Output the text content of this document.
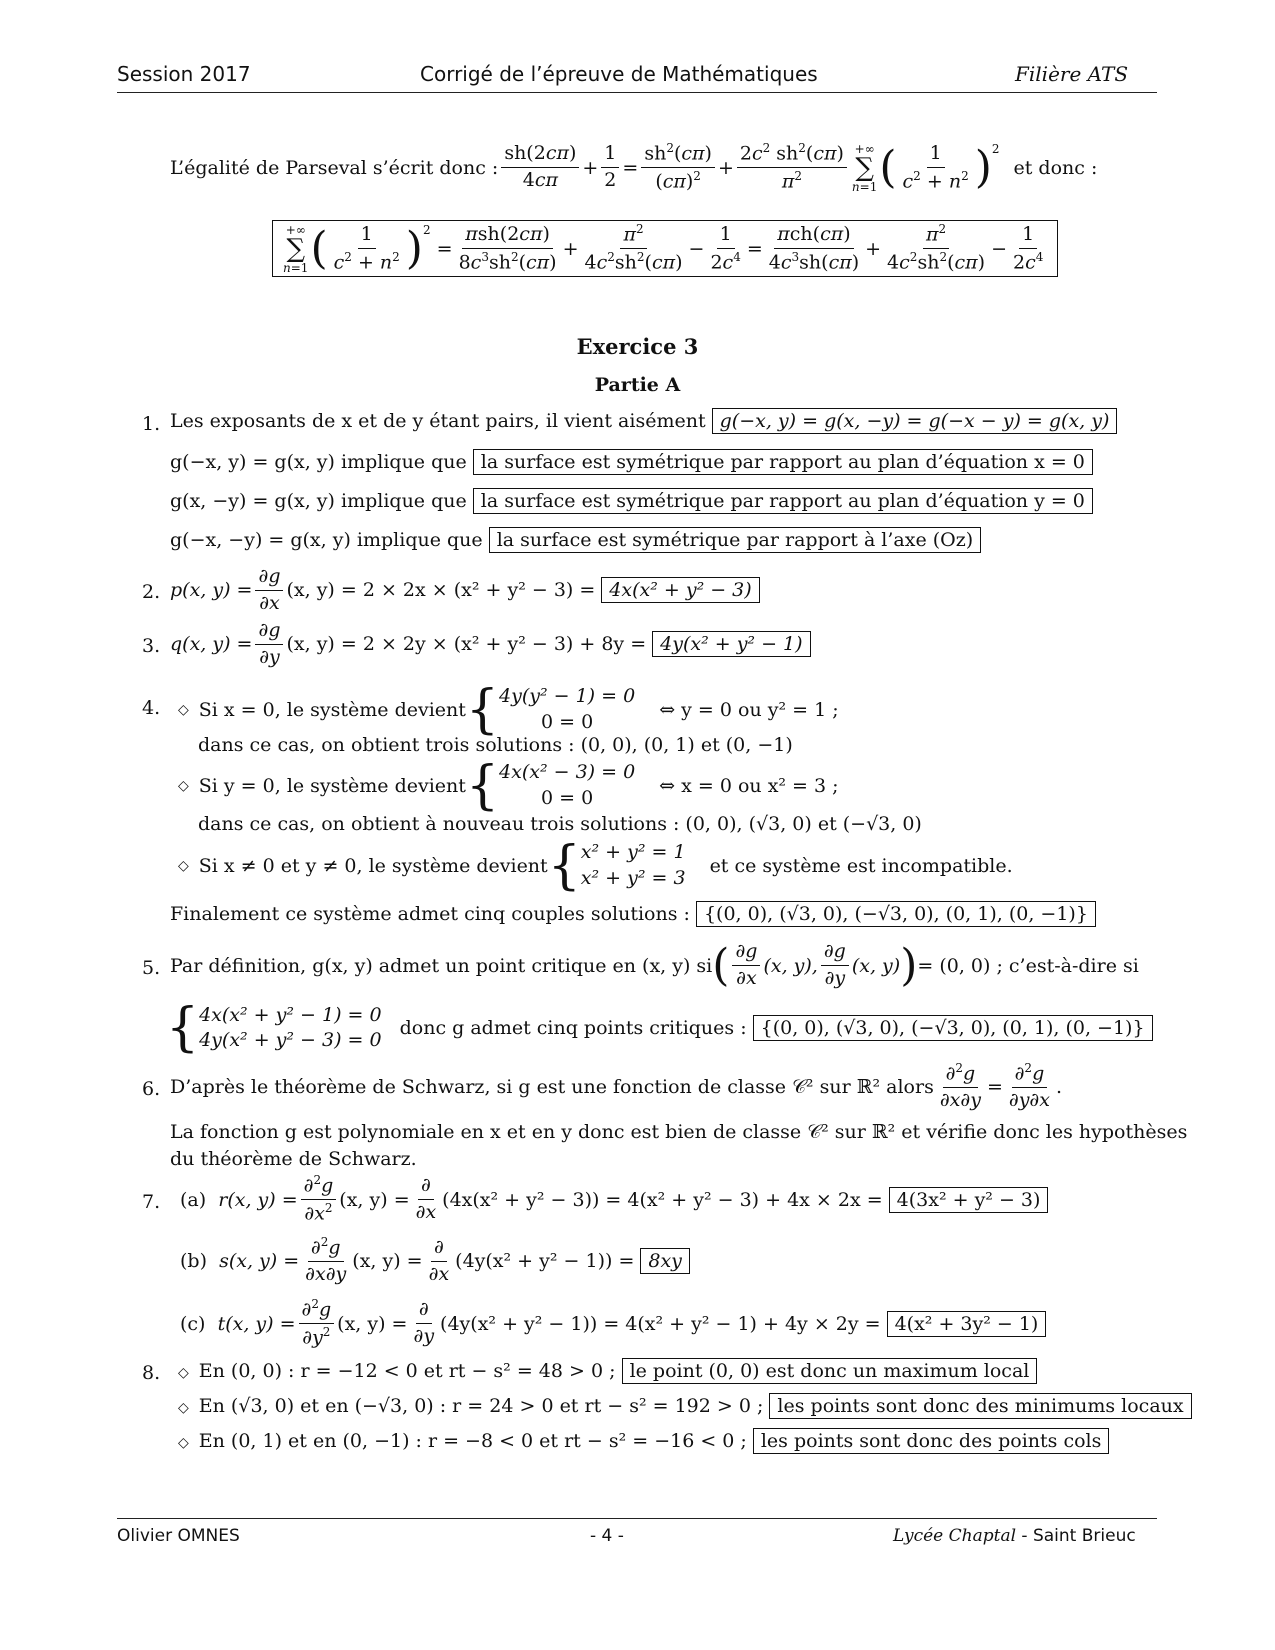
Session 2017	Corrigé de l’épreuve de Mathématiques	Filière ATS
L’égalité de Parseval s’écrit donc : $\frac{sh(2c\pi)}{4c\pi} + \frac{1}{2} = \frac{sh^2(c\pi)}{(c\pi)^2} + \frac{2c^2 sh^2(c\pi)}{\pi^2}$ +∞
∑
n=1 ( $\frac{1}{c^2 + n^2} )^2$
et donc :
+∞
∑
n=1 ( $\frac{1}{c^2 + n^2} )^2$
= $\frac{\text{πsh(2cπ)}}{8c^3sh^2(c\pi)} + \frac{\pi^2}{4c^2sh^2(c\pi)} - \frac{1}{2c^4} = \frac{\text{πch(cπ)}}{4c^3sh(c\pi)} + \frac{\pi^2}{4c^2sh^2(c\pi)} - \frac{1}{2c^4}$
Exercice 3
Partie A
1. Les exposants de x et de y étant pairs, il vient aisément g(−x, y) = g(x, −y) = g(−x − y) = g(x, y)
g(−x, y) = g(x, y) implique que la surface est symétrique par rapport au plan d’équation x = 0
g(x, −y) = g(x, y) implique que la surface est symétrique par rapport au plan d’équation y = 0
g(−x, −y) = g(x, y) implique que la surface est symétrique par rapport à l’axe (Oz)
2. p(x, $y) = \frac{\partial g}{\partial x} (x$, y) = 2 × 2x × (x² + y² − 3) = 4x(x² + y² − 3)
3. q(x, $y) = \frac{\partial g}{\partial y} (x$, y) = 2 × 2y × (x² + y² − 3) + 8y = 4y(x² + y² − 1)
4. ◇ Si x = 0, le système devient { 4y(y² − 1) = 0
0 = 0
⇔ y = 0 ou y² = 1 ;
dans ce cas, on obtient trois solutions : (0, 0), (0, 1) et (0, −1)
◇ Si y = 0, le système devient { 4x(x² − 3) = 0
0 = 0
⇔ x = 0 ou x² = 3 ;
dans ce cas, on obtient à nouveau trois solutions : (0, 0), (√3, 0) et (−√3, 0)
◇ Si x ≠ 0 et y ≠ 0, le système devient { x² + y² = 1
x² + y² = 3
et ce système est incompatible.
Finalement ce système admet cinq couples solutions : {(0, 0), (√3, 0), (−√3, 0), (0, 1), (0, −1)}
5. Par définition, g(x, y) admet un point critique en (x, y) si ( $\frac{\partial g}{\partial x} (x$, y), $\frac{\partial g}{\partial y} (x$, y) ) = (0, 0) ; c’est-à-dire si
{ 4x(x² + y² − 1) = 0
4y(x² + y² − 3) = 0
donc g admet cinq points critiques : {(0, 0), (√3, 0), (−√3, 0), (0, 1), (0, −1)}
6. D’après le théorème de Schwarz, si g est une fonction de classe 𝒞² sur ℝ² alors $\frac{\partial^2g}{\partial x\partial y} = \frac{\partial^2g}{\partial y\partial x}$ .
La fonction g est polynomiale en x et en y donc est bien de classe 𝒞² sur ℝ² et vérifie donc les hypothèses
du théorème de Schwarz.
7. (a)
r(x, $y) = \frac{\partial^2g}{\partial x^2} (x$, $y) = \frac{\partial}{\partial x} (4x(x^2 + y^2 - 3)) = 4(x^2 + y^2 - 3) + 4x \times 2x = 4(3x^2 + y^2 - 3)$
(b)
s(x, $y) = \frac{\partial^2g}{\partial x\partial y} (x$, $y) = \frac{\partial}{\partial x} (4y(x^2 + y^2 - 1)) = 8xy$
(c)
t(x, $y) = \frac{\partial^2g}{\partial y^2} (x$, $y) = \frac{\partial}{\partial y} (4y(x^2 + y^2 - 1)) = 4(x^2 + y^2 - 1) + 4y \times 2y = 4(x^2 + 3y^2 - 1)$
8. ◇ En (0, 0) : r = −12 < 0 et rt − s² = 48 > 0 ; le point (0, 0) est donc un maximum local
◇ En (√3, 0) et en (−√3, 0) : r = 24 > 0 et rt − s² = 192 > 0 ; les points sont donc des minimums locaux
◇ En (0, 1) et en (0, −1) : r = −8 < 0 et rt − s² = −16 < 0 ; les points sont donc des points cols
Olivier OMNES	- 4 -	Lycée Chaptal - Saint Brieuc
